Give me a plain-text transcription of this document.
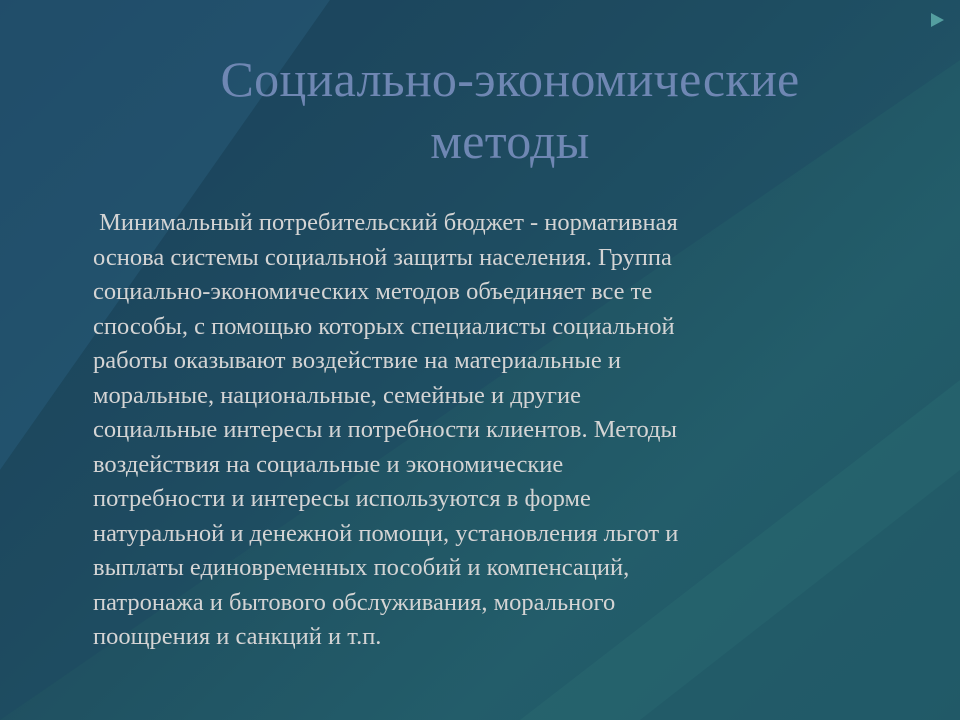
Социально-экономические
методы

Минимальный потребительский бюджет - нормативная
основа системы социальной защиты населения. Группа
социально-экономических методов объединяет все те
способы, с помощью которых специалисты социальной
работы оказывают воздействие на материальные и
моральные, национальные, семейные и другие
социальные интересы и потребности клиентов. Методы
воздействия на социальные и экономические
потребности и интересы используются в форме
натуральной и денежной помощи, установления льгот и
выплаты единовременных пособий и компенсаций,
патронажа и бытового обслуживания, морального
поощрения и санкций и т.п.
